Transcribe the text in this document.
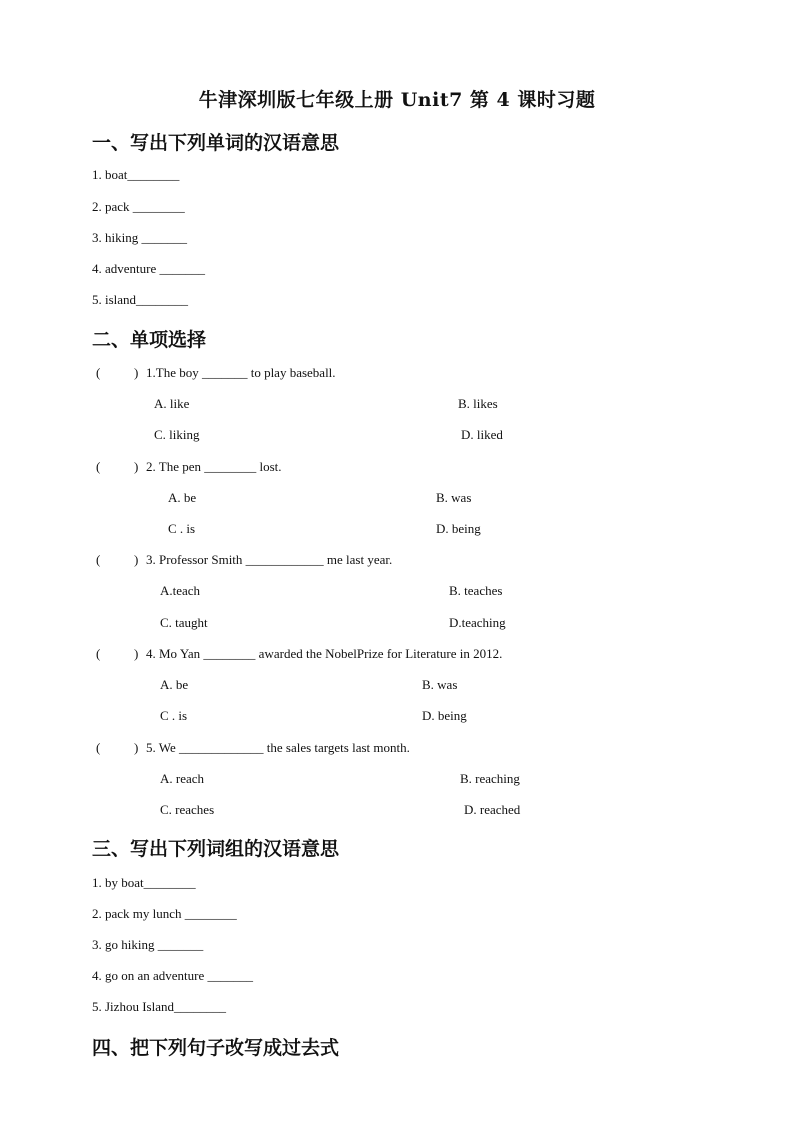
牛津深圳版七年级上册 Unit7 第 4 课时习题
一、写出下列单词的汉语意思
1. boat________
2. pack ________
3. hiking _______
4. adventure _______
5. island________
二、单项选择
(	) 1.The boy _______ to play baseball.
A. like	B. likes
C. liking	D. liked
(	) 2. The pen ________ lost.
A. be	B. was
C . is	D. being
(	) 3. Professor Smith ____________ me last year.
A.teach	B. teaches
C. taught	D.teaching
(	) 4. Mo Yan ________ awarded the NobelPrize for Literature in 2012.
A. be	B. was
C . is	D. being
(	) 5. We _____________ the sales targets last month.
A. reach	B. reaching
C. reaches	D. reached
三、写出下列词组的汉语意思
1. by boat________
2. pack my lunch ________
3. go hiking _______
4. go on an adventure _______
5. Jizhou Island________
四、把下列句子改写成过去式
